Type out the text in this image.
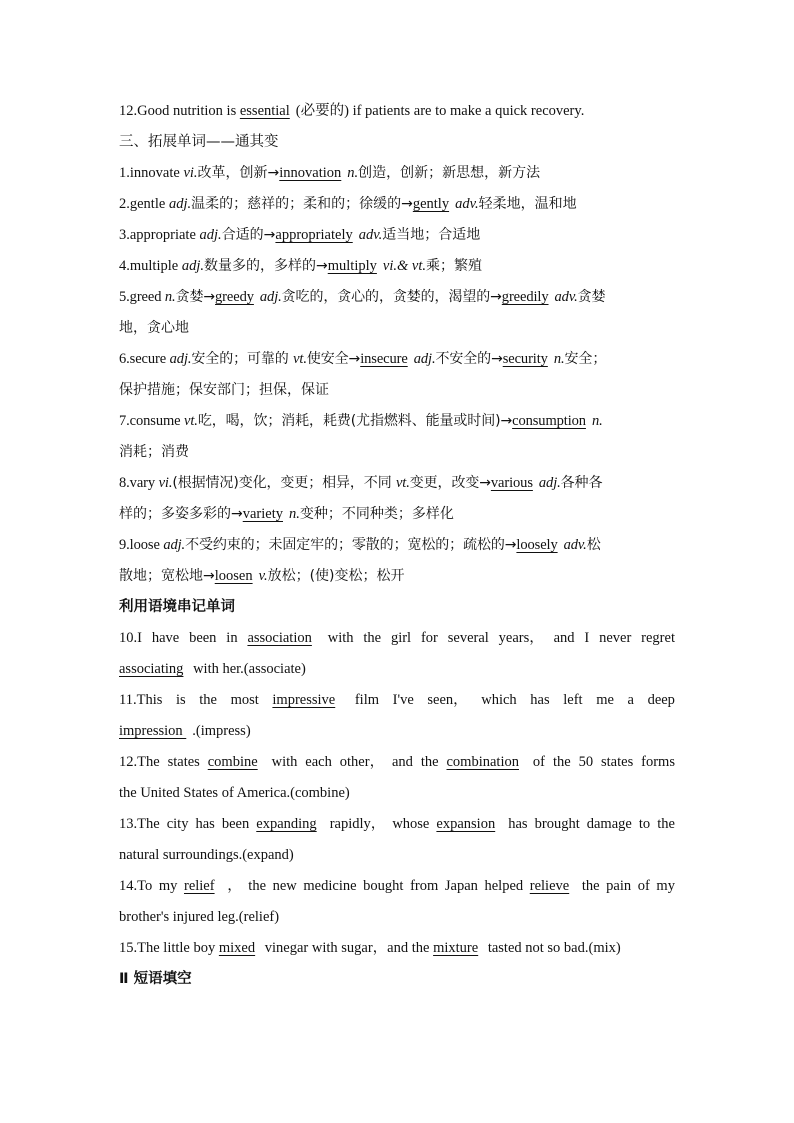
12.Good nutrition is essential (必要的) if patients are to make a quick recovery.
三、拓展单词——通其变
1.innovate vi.改革，创新→innovation n.创造，创新；新思想，新方法
2.gentle adj.温柔的；慈祥的；柔和的；徐缓的→gently adv.轻柔地，温和地
3.appropriate adj.合适的→appropriately adv.适当地；合适地
4.multiple adj.数量多的，多样的→multiply vi.& vt.乘；繁殖
5.greed n.贪婪→greedy adj.贪吃的，贪心的，贪婪的，渴望的→greedily adv.贪婪
地，贪心地
6.secure adj.安全的；可靠的 vt.使安全→insecure adj.不安全的→security n.安全；
保护措施；保安部门；担保，保证
7.consume vt.吃，喝，饮；消耗，耗费(尤指燃料、能量或时间)→consumption n.
消耗；消费
8.vary vi.(根据情况)变化，变更；相异，不同 vt.变更，改变→various adj.各种各
样的；多姿多彩的→variety n.变种；不同种类；多样化
9.loose adj.不受约束的；未固定牢的；零散的；宽松的；疏松的→loosely adv.松
散地；宽松地→loosen v.放松；(使)变松；松开
利用语境串记单词
10.I have been in association	with the girl for several years， and I never regret
associating with her.(associate)
11.This is the most impressive	film I've seen， which has left me a deep
impression .(impress)
12.The states combine with each other， and the combination of the 50 states forms
the United States of America.(combine)
13.The city has been expanding rapidly， whose expansion has brought damage to the
natural surroundings.(expand)
14.To my relief ， the new medicine bought from Japan helped relieve the pain of my
brother's injured leg.(relief)
15.The little boy mixed vinegar with sugar，and the mixture tasted not so bad.(mix)
Ⅱ 短语填空
